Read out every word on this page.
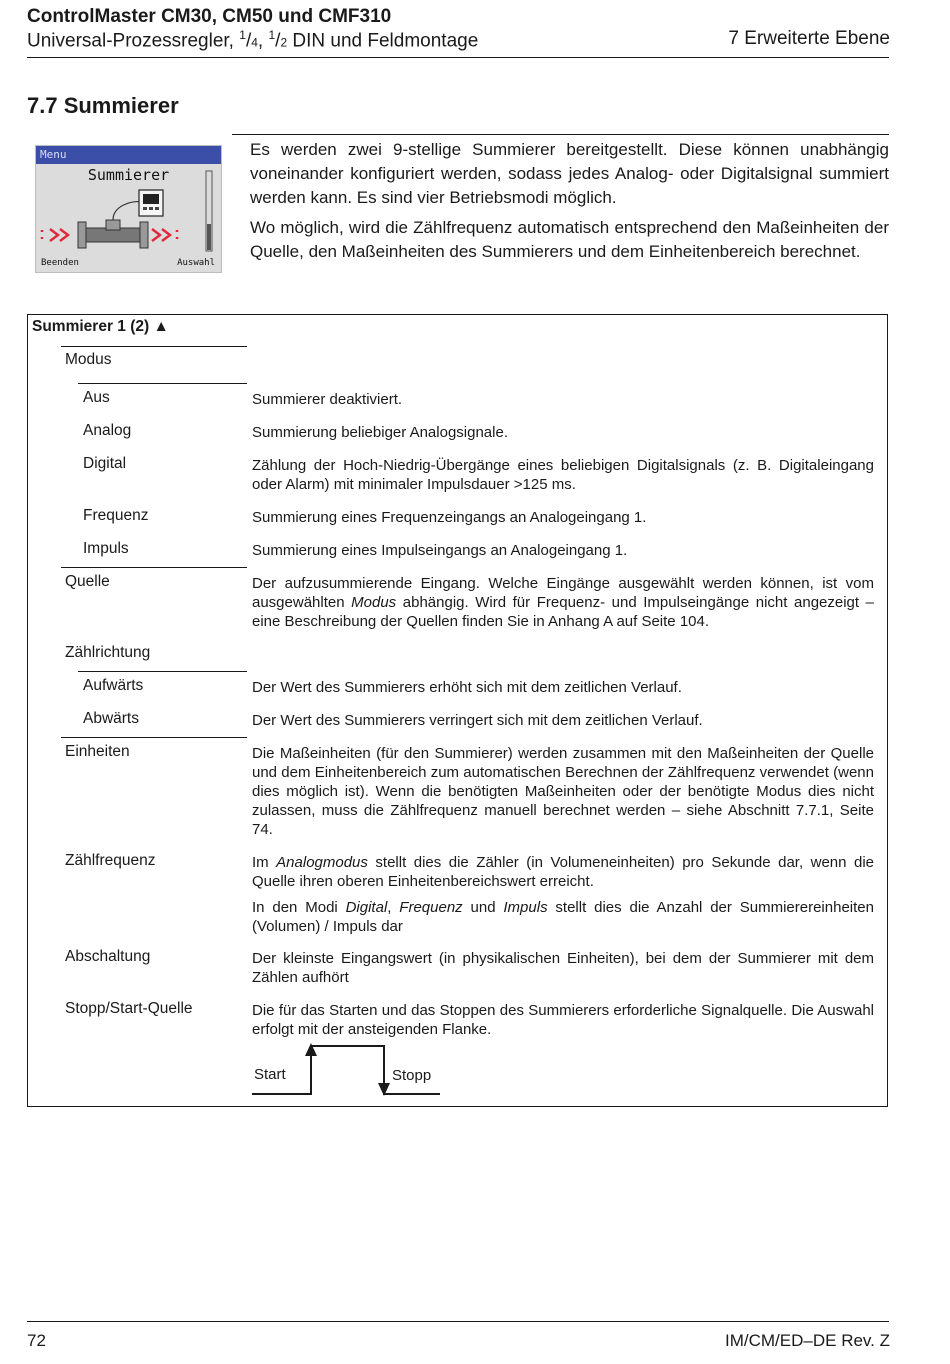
ControlMaster CM30, CM50 und CMF310
Universal-Prozessregler, $^1$/4, $^1$/2 DIN und Feldmontage	7 Erweiterte Ebene
7.7 Summierer
Menu
Summierer
Beenden	Auswahl

Es werden zwei 9-stellige Summierer bereitgestellt. Diese können unabhängig voneinander konfiguriert werden, sodass jedes Analog- oder Digitalsignal summiert werden kann. Es sind vier Betriebsmodi möglich.

Wo möglich, wird die Zählfrequenz automatisch entsprechend den Maßeinheiten der Quelle, den Maßeinheiten des Summierers und dem Einheitenbereich berechnet.

Summierer 1 (2) ▲
Modus
Aus	Summierer deaktiviert.

Analog	Summierung beliebiger Analogsignale.

Digital	Zählung der Hoch-Niedrig-Übergänge eines beliebigen Digitalsignals (z. B. Digitaleingang oder Alarm) mit minimaler Impulsdauer >125 ms.

Frequenz	Summierung eines Frequenzeingangs an Analogeingang 1.

Impuls	Summierung eines Impulseingangs an Analogeingang 1.

Quelle	Der aufzusummierende Eingang. Welche Eingänge ausgewählt werden können, ist vom ausgewählten Modus abhängig. Wird für Frequenz- und Impulseingänge nicht angezeigt – eine Beschreibung der Quellen finden Sie in Anhang A auf Seite 104.

Zählrichtung
Aufwärts	Der Wert des Summierers erhöht sich mit dem zeitlichen Verlauf.

Abwärts	Der Wert des Summierers verringert sich mit dem zeitlichen Verlauf.

Einheiten	Die Maßeinheiten (für den Summierer) werden zusammen mit den Maßeinheiten der Quelle und dem Einheitenbereich zum automatischen Berechnen der Zählfrequenz verwendet (wenn dies möglich ist). Wenn die benötigten Maßeinheiten oder der benötigte Modus dies nicht zulassen, muss die Zählfrequenz manuell berechnet werden – siehe Abschnitt 7.7.1, Seite 74.

Zählfrequenz	Im Analogmodus stellt dies die Zähler (in Volumeneinheiten) pro Sekunde dar, wenn die Quelle ihren oberen Einheitenbereichswert erreicht.

In den Modi Digital, Frequenz und Impuls stellt dies die Anzahl der Summierereinheiten (Volumen) / Impuls dar

Abschaltung	Der kleinste Eingangswert (in physikalischen Einheiten), bei dem der Summierer mit dem Zählen aufhört

Stopp/Start-Quelle	Die für das Starten und das Stoppen des Summierers erforderliche Signalquelle. Die Auswahl erfolgt mit der ansteigenden Flanke.

Start	Stopp
72	IM/CM/ED–DE Rev. Z
